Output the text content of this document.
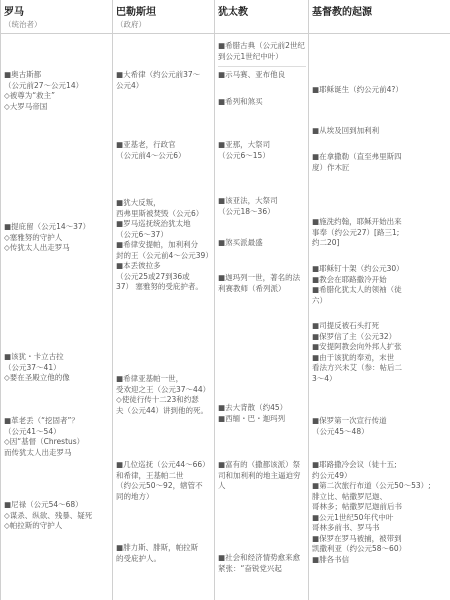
罗马
（统治者）
■奥古斯都
（公元前27～公元14）
◇被尊为“救主”
◇大罗马帝国
■提庇留（公元14～37）
◇塞雅努的守护人
◇传犹太人出走罗马
■该犹・卡立古拉
（公元37～41）
◇要在圣殿立他的像
■革老丢（“挖固者”？
（公元41～54）
◇因“基督（Chrestus）
而传犹太人出走罗马
■尼禄（公元54～68）
◇谋杀、纵欲、残暴、疑死
◇帕拉斯的守护人
巴勒斯坦
（政府）
■大希律（约公元前37～
公元4）
■亚基老，行政官
（公元前4～公元6）
■犹大反叛，
西弗里斯被焚毁（公元6）
■罗马巡抚统治犹太地
（公元6～37）
■希律安提帕，加利利分
封的王（公元前4～公元39）
■本丢彼拉多
（公元25或27到36或
37） 塞雅努的受庇护者。
■希律亚基帕一世，
受欢迎之王（公元37～44）
◇使徒行传十二23和约瑟
夫（公元44）讲到他的死。
■几位巡抚（公元44～66）
和希律，王基帕二世
（约公元50～92，辖管不
同的地方）
■腓力斯、腓斯，帕拉斯
的受庇护人。
犹太教
■希腊古典（公元前2世纪
到公元1世纪中叶）
■示马赛、亚布他良
■希列和煞买
■亚那，大祭司
（公元6～15）
■该亚法，大祭司
（公元18～36）
■煞买派最盛
■迦玛列一世，著名的法
利赛教师（希列派）
■去大背散（约45）
■西缅・巴・迦玛列
■富有的（撒都该派）祭
司和加利利的地主逼迫穷
人
■社会和经济情势愈来愈
紧张：“奋锐党兴起
基督教的起源
■耶稣诞生（约公元前4?）
■从埃及回到加利利
■在拿撒勒（直至弗里斯四
度）作木匠
■施洗约翰，耶稣开始出来
事奉（约公元27）[路三1;
约二20]
■耶稣钉十架（约公元30）
■教会在耶路撒冷开始
■希腊化犹太人的领袖（徒
六）
■司提反被石头打死
■保罗信了主（公元32）
■安提阿教会向外邦人扩张
■由于该犹的奉劝，末世
看法方兴未艾（参：帖后二
3～4）
■保罗第一次宣行传道
（公元45～48）
■耶路撒冷会议（徒十五;
约公元49）
■第二次旅行布道（公元50～53）;
腓立比、帖撒罗尼迦、
哥林多；帖撒罗尼迦前后书
■公元1世纪50年代中叶
哥林多前书、罗马书
■保罗在罗马被捕，被带到
凯撒利亚（约公元58～60）
■腓各书信
